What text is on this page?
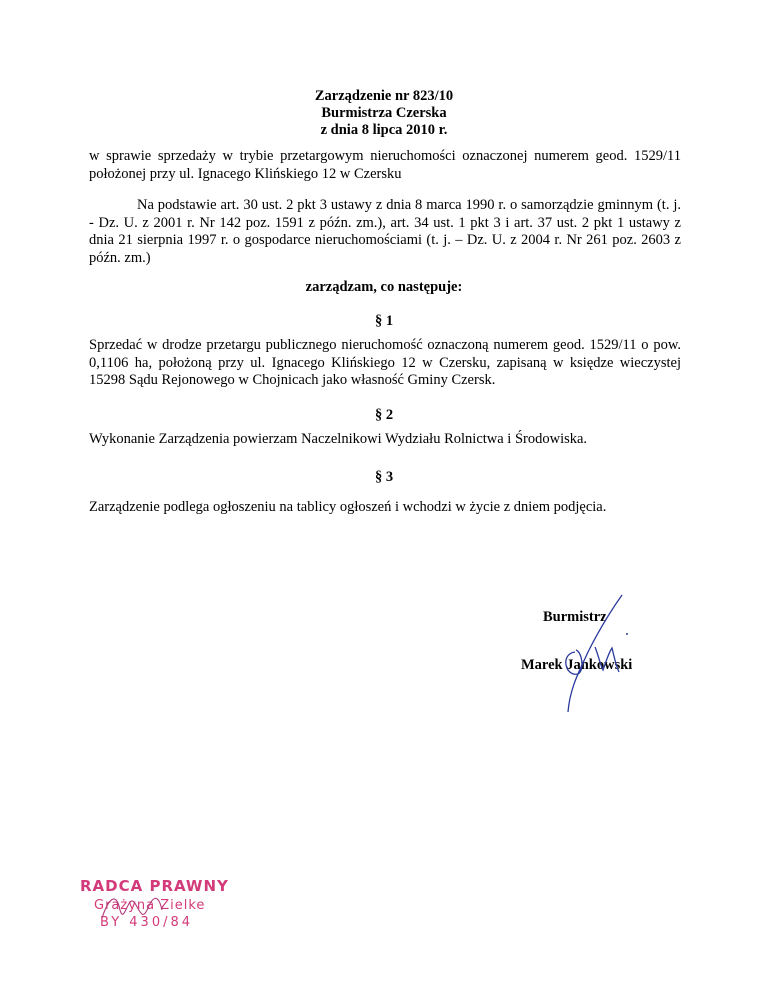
Zarządzenie nr 823/10
Burmistrza Czerska
z dnia 8 lipca 2010 r.
w sprawie sprzedaży w trybie przetargowym nieruchomości oznaczonej numerem geod. 1529/11 położonej przy ul. Ignacego Klińskiego 12 w Czersku
Na podstawie art. 30 ust. 2 pkt 3 ustawy z dnia 8 marca 1990 r. o samorządzie gminnym (t. j. - Dz. U. z 2001 r. Nr 142 poz. 1591 z późn. zm.), art. 34 ust. 1 pkt 3 i art. 37 ust. 2 pkt 1 ustawy z dnia 21 sierpnia 1997 r. o gospodarce nieruchomościami (t. j. – Dz. U. z 2004 r. Nr 261 poz. 2603 z późn. zm.)
zarządzam, co następuje:
§ 1
Sprzedać w drodze przetargu publicznego nieruchomość oznaczoną numerem geod. 1529/11 o pow. 0,1106 ha, położoną przy ul. Ignacego Klińskiego 12 w Czersku, zapisaną w księdze wieczystej 15298 Sądu Rejonowego w Chojnicach jako własność Gminy Czersk.
§ 2
Wykonanie Zarządzenia powierzam Naczelnikowi Wydziału Rolnictwa i Środowiska.
§ 3
Zarządzenie podlega ogłoszeniu na tablicy ogłoszeń i wchodzi w życie z dniem podjęcia.
Burmistrz
Marek Jankowski
RADCA PRAWNY
Grażyna Zielke
BY 430/84
